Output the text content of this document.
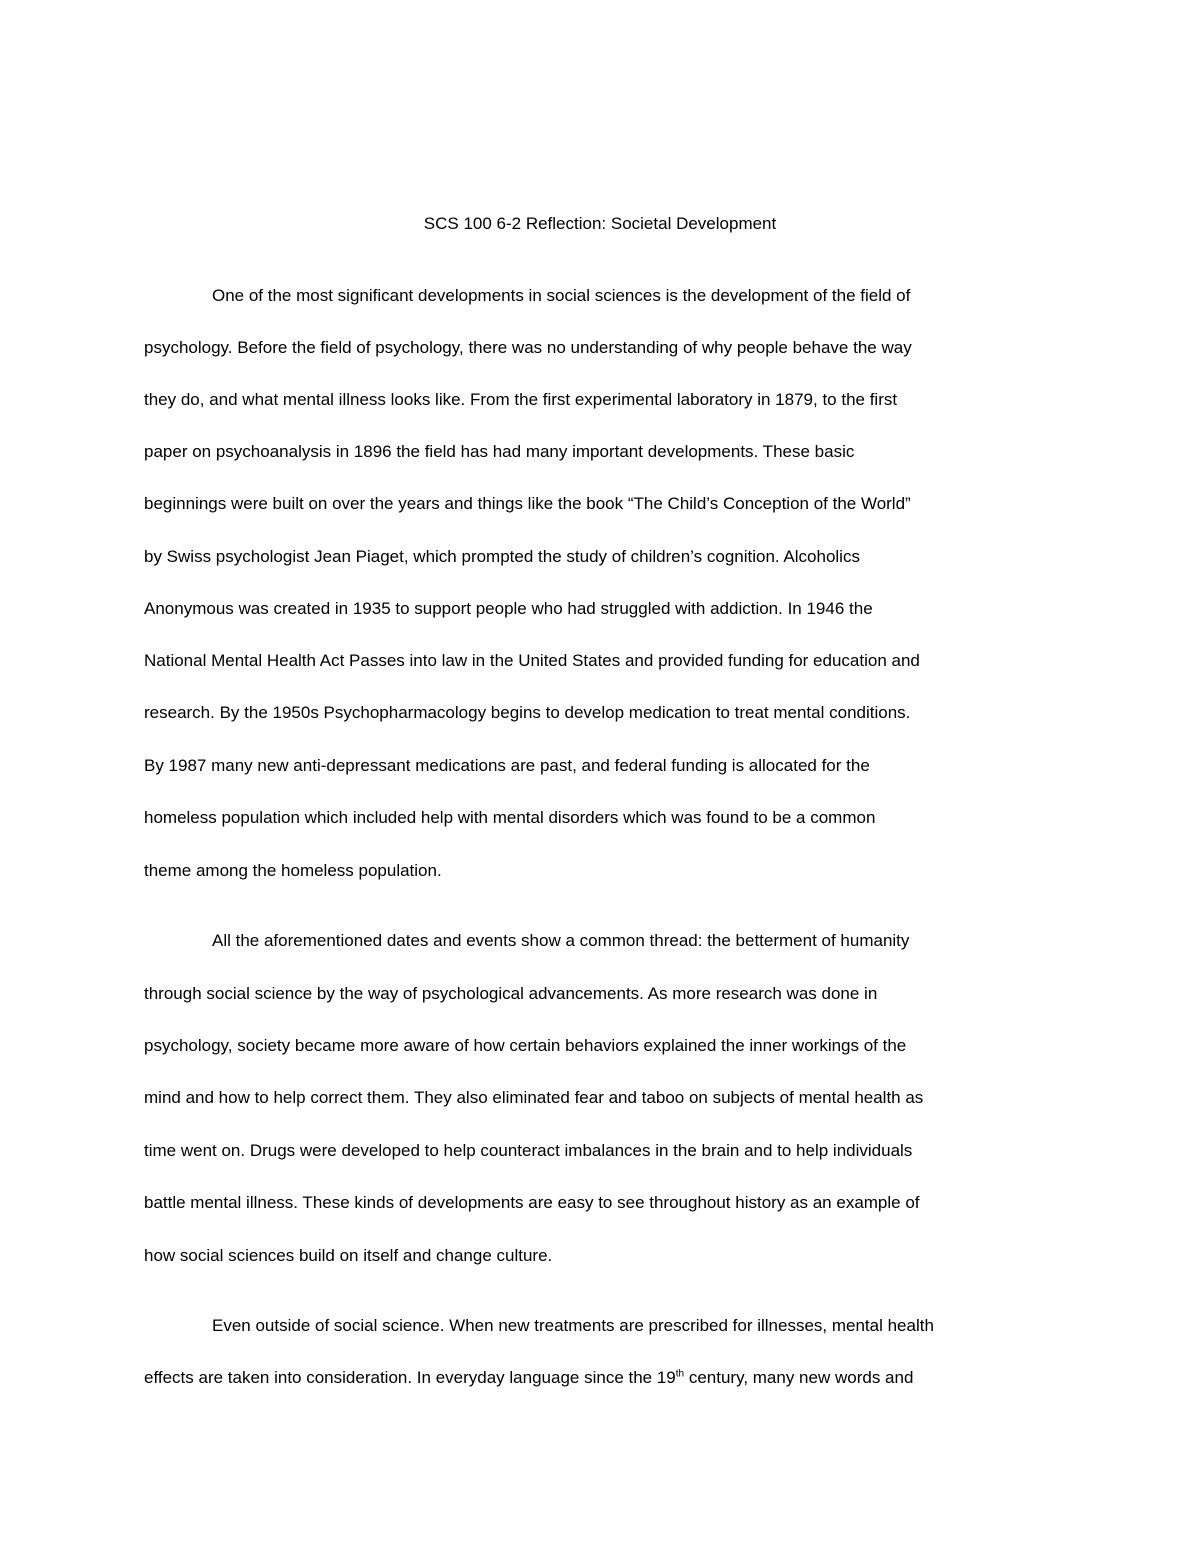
SCS 100 6-2 Reflection: Societal Development
One of the most significant developments in social sciences is the development of the field of
psychology. Before the field of psychology, there was no understanding of why people behave the way
they do, and what mental illness looks like. From the first experimental laboratory in 1879, to the first
paper on psychoanalysis in 1896 the field has had many important developments. These basic
beginnings were built on over the years and things like the book “The Child’s Conception of the World”
by Swiss psychologist Jean Piaget, which prompted the study of children’s cognition. Alcoholics
Anonymous was created in 1935 to support people who had struggled with addiction. In 1946 the
National Mental Health Act Passes into law in the United States and provided funding for education and
research. By the 1950s Psychopharmacology begins to develop medication to treat mental conditions.
By 1987 many new anti-depressant medications are past, and federal funding is allocated for the
homeless population which included help with mental disorders which was found to be a common
theme among the homeless population.
All the aforementioned dates and events show a common thread: the betterment of humanity
through social science by the way of psychological advancements. As more research was done in
psychology, society became more aware of how certain behaviors explained the inner workings of the
mind and how to help correct them. They also eliminated fear and taboo on subjects of mental health as
time went on. Drugs were developed to help counteract imbalances in the brain and to help individuals
battle mental illness. These kinds of developments are easy to see throughout history as an example of
how social sciences build on itself and change culture.
Even outside of social science. When new treatments are prescribed for illnesses, mental health
effects are taken into consideration. In everyday language since the 19th century, many new words and
